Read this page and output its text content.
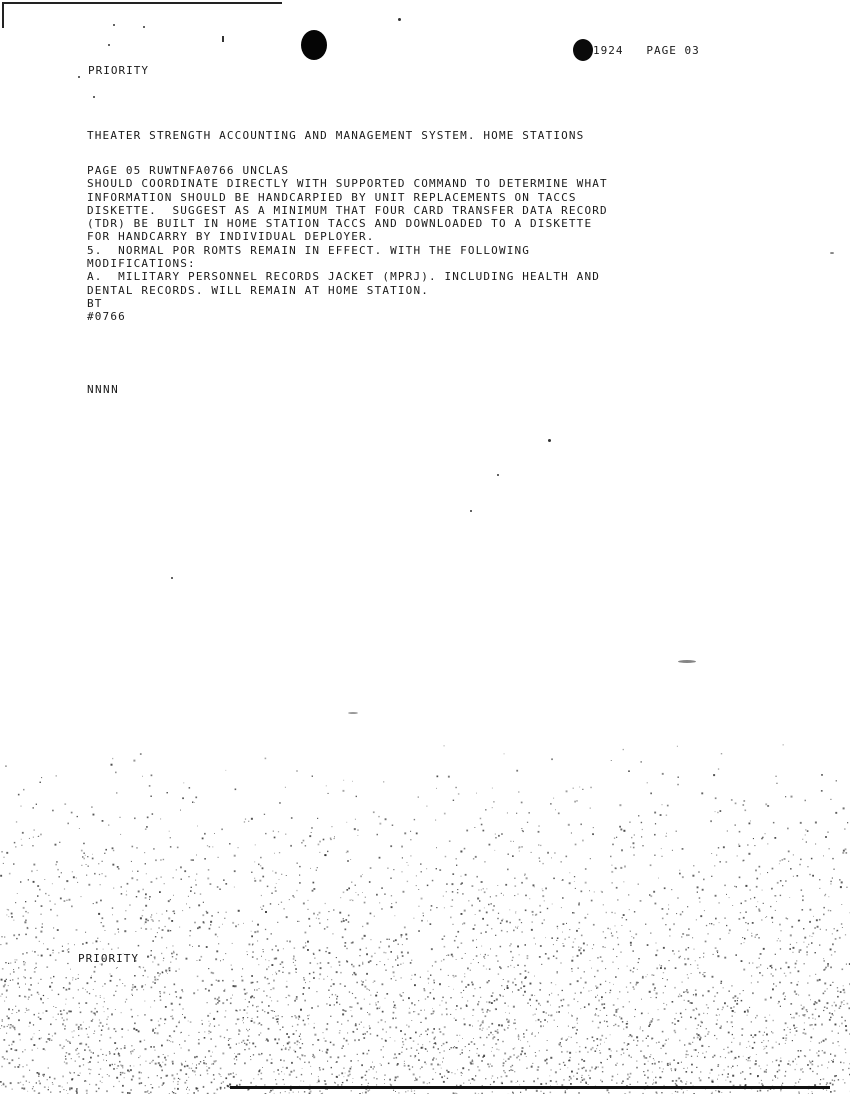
1924   PAGE 03
PRIORITY
THEATER STRENGTH ACCOUNTING AND MANAGEMENT SYSTEM. HOME STATIONS
PAGE 05 RUWTNFA0766 UNCLAS
SHOULD COORDINATE DIRECTLY WITH SUPPORTED COMMAND TO DETERMINE WHAT
INFORMATION SHOULD BE HANDCARPIED BY UNIT REPLACEMENTS ON TACCS
DISKETTE.  SUGGEST AS A MINIMUM THAT FOUR CARD TRANSFER DATA RECORD
(TDR) BE BUILT IN HOME STATION TACCS AND DOWNLOADED TO A DISKETTE
FOR HANDCARRY BY INDIVIDUAL DEPLOYER.
5.  NORMAL POR ROMTS REMAIN IN EFFECT. WITH THE FOLLOWING
MODIFICATIONS:
A.  MILITARY PERSONNEL RECORDS JACKET (MPRJ). INCLUDING HEALTH AND
DENTAL RECORDS. WILL REMAIN AT HOME STATION.
BT
#0766
NNNN
PRIORITY
